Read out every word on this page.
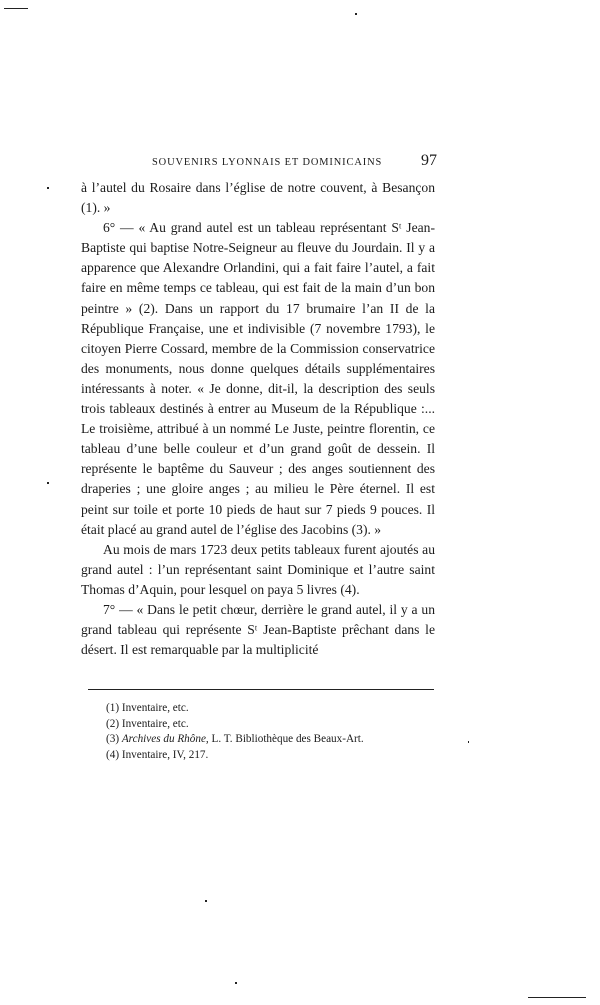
SOUVENIRS LYONNAIS ET DOMINICAINS 97

à l’autel du Rosaire dans l’église de notre couvent, à Besançon (1). »

6° — « Au grand autel est un tableau représentant Sᵗ Jean-Baptiste qui baptise Notre-Seigneur au fleuve du Jourdain. Il y a apparence que Alexandre Orlandini, qui a fait faire l’autel, a fait faire en même temps ce tableau, qui est fait de la main d’un bon peintre » (2). Dans un rapport du 17 brumaire l’an II de la République Française, une et indivisible (7 novembre 1793), le citoyen Pierre Cossard, membre de la Commission conservatrice des monuments, nous donne quelques détails supplémentaires intéressants à noter. « Je donne, dit-il, la description des seuls trois tableaux destinés à entrer au Museum de la République :... Le troisième, attribué à un nommé Le Juste, peintre florentin, ce tableau d’une belle couleur et d’un grand goût de dessein. Il représente le baptême du Sauveur ; des anges soutiennent des draperies ; une gloire anges ; au milieu le Père éternel. Il est peint sur toile et porte 10 pieds de haut sur 7 pieds 9 pouces. Il était placé au grand autel de l’église des Jacobins (3). »

Au mois de mars 1723 deux petits tableaux furent ajoutés au grand autel : l’un représentant saint Dominique et l’autre saint Thomas d’Aquin, pour lesquel on paya 5 livres (4).

7° — « Dans le petit chœur, derrière le grand autel, il y a un grand tableau qui représente Sᵗ Jean-Baptiste prêchant dans le désert. Il est remarquable par la multiplicité

(1) Inventaire, etc.
(2) Inventaire, etc.
(3) Archives du Rhône, L. T. Bibliothèque des Beaux-Art.
(4) Inventaire, IV, 217.
